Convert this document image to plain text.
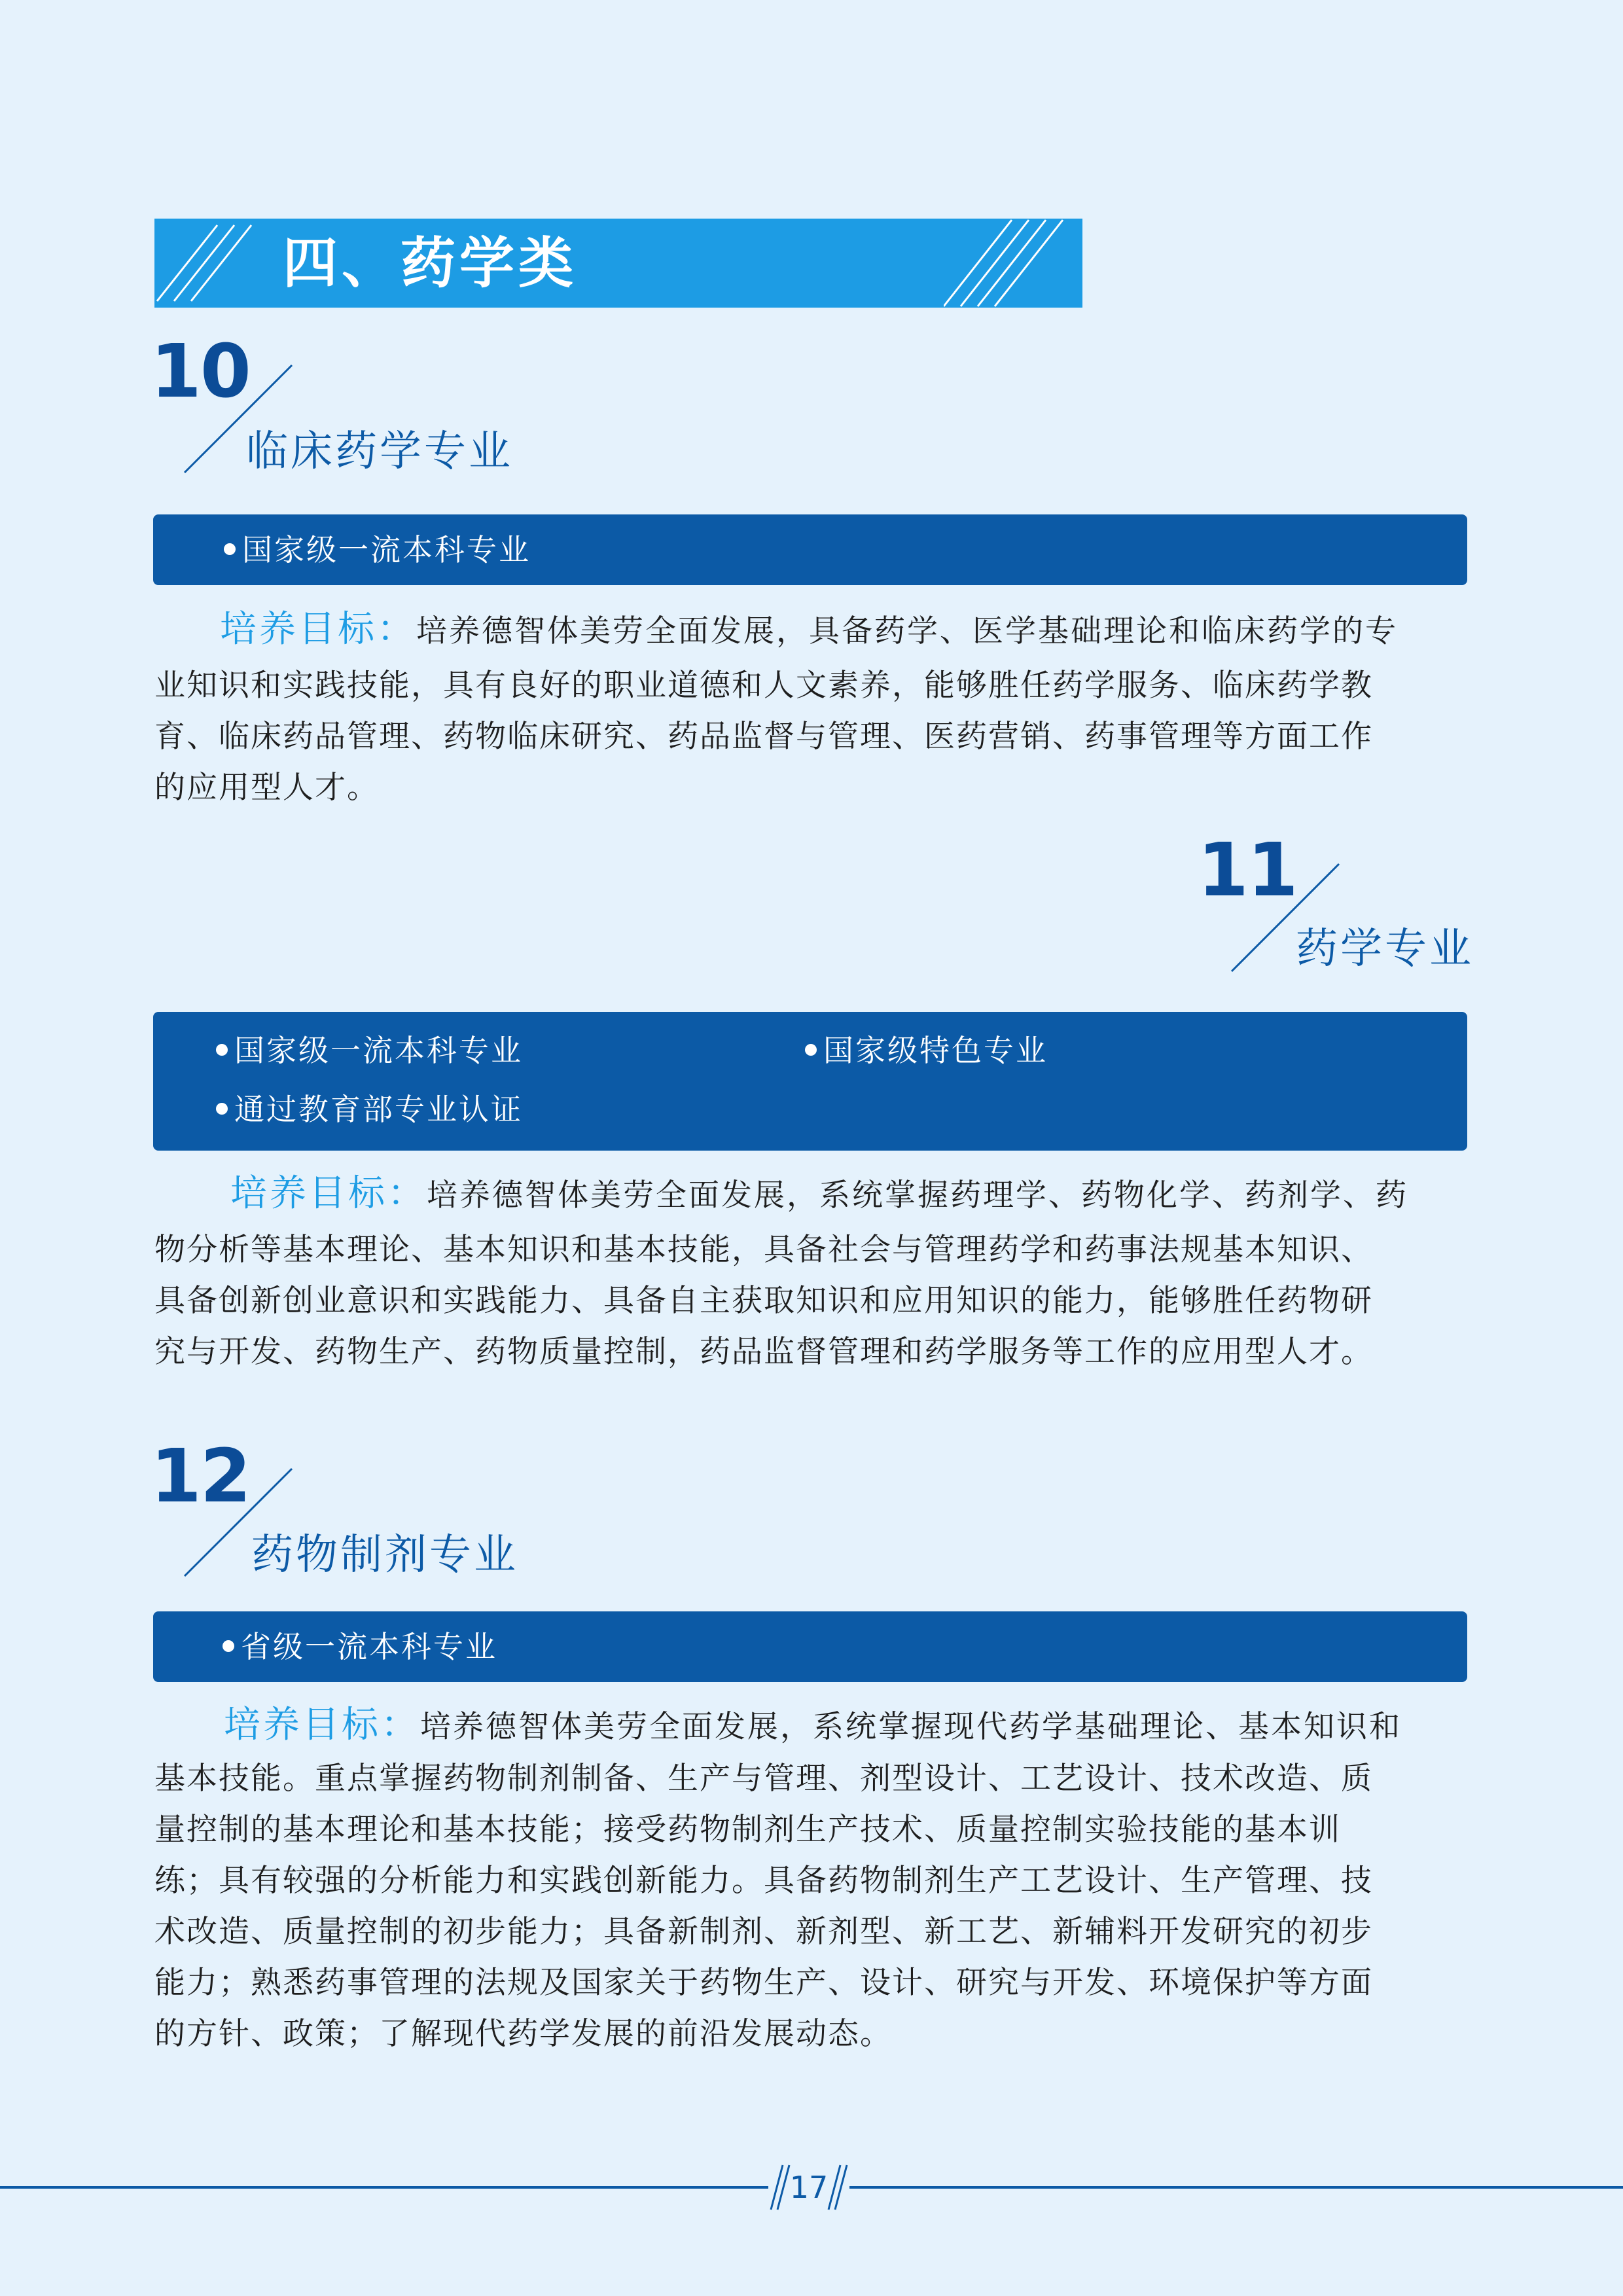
四、药学类
10
临床药学专业
国家级一流本科专业
培养目标：培养德智体美劳全面发展，具备药学、医学基础理论和临床药学的专
业知识和实践技能，具有良好的职业道德和人文素养，能够胜任药学服务、临床药学教
育、临床药品管理、药物临床研究、药品监督与管理、医药营销、药事管理等方面工作
的应用型人才。
11
药学专业
国家级一流本科专业	国家级特色专业
通过教育部专业认证
培养目标：培养德智体美劳全面发展，系统掌握药理学、药物化学、药剂学、药
物分析等基本理论、基本知识和基本技能，具备社会与管理药学和药事法规基本知识、
具备创新创业意识和实践能力、具备自主获取知识和应用知识的能力，能够胜任药物研
究与开发、药物生产、药物质量控制，药品监督管理和药学服务等工作的应用型人才。
12
药物制剂专业
省级一流本科专业
培养目标：培养德智体美劳全面发展，系统掌握现代药学基础理论、基本知识和
基本技能。重点掌握药物制剂制备、生产与管理、剂型设计、工艺设计、技术改造、质
量控制的基本理论和基本技能；接受药物制剂生产技术、质量控制实验技能的基本训
练；具有较强的分析能力和实践创新能力。具备药物制剂生产工艺设计、生产管理、技
术改造、质量控制的初步能力；具备新制剂、新剂型、新工艺、新辅料开发研究的初步
能力；熟悉药事管理的法规及国家关于药物生产、设计、研究与开发、环境保护等方面
的方针、政策；了解现代药学发展的前沿发展动态。
17
